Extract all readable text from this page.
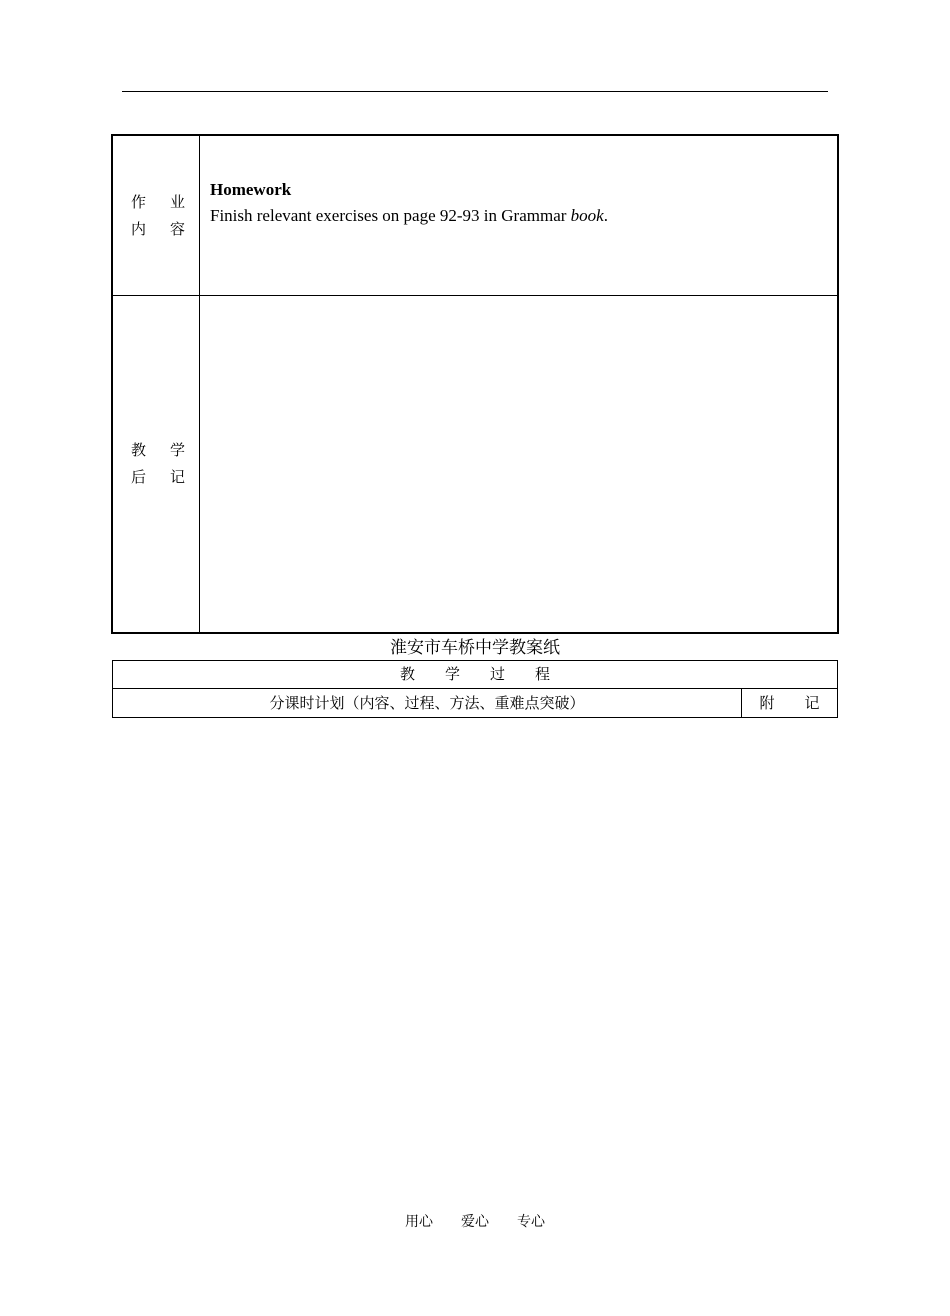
作 业
内 容
Homework
Finish relevant exercises on page 92-93 in Grammar book.
教 学
后 记
淮安市车桥中学教案纸
教　　学　　过　　程
分课时计划（内容、过程、方法、重难点突破）	附　　记
用心　　爱心　　专心
